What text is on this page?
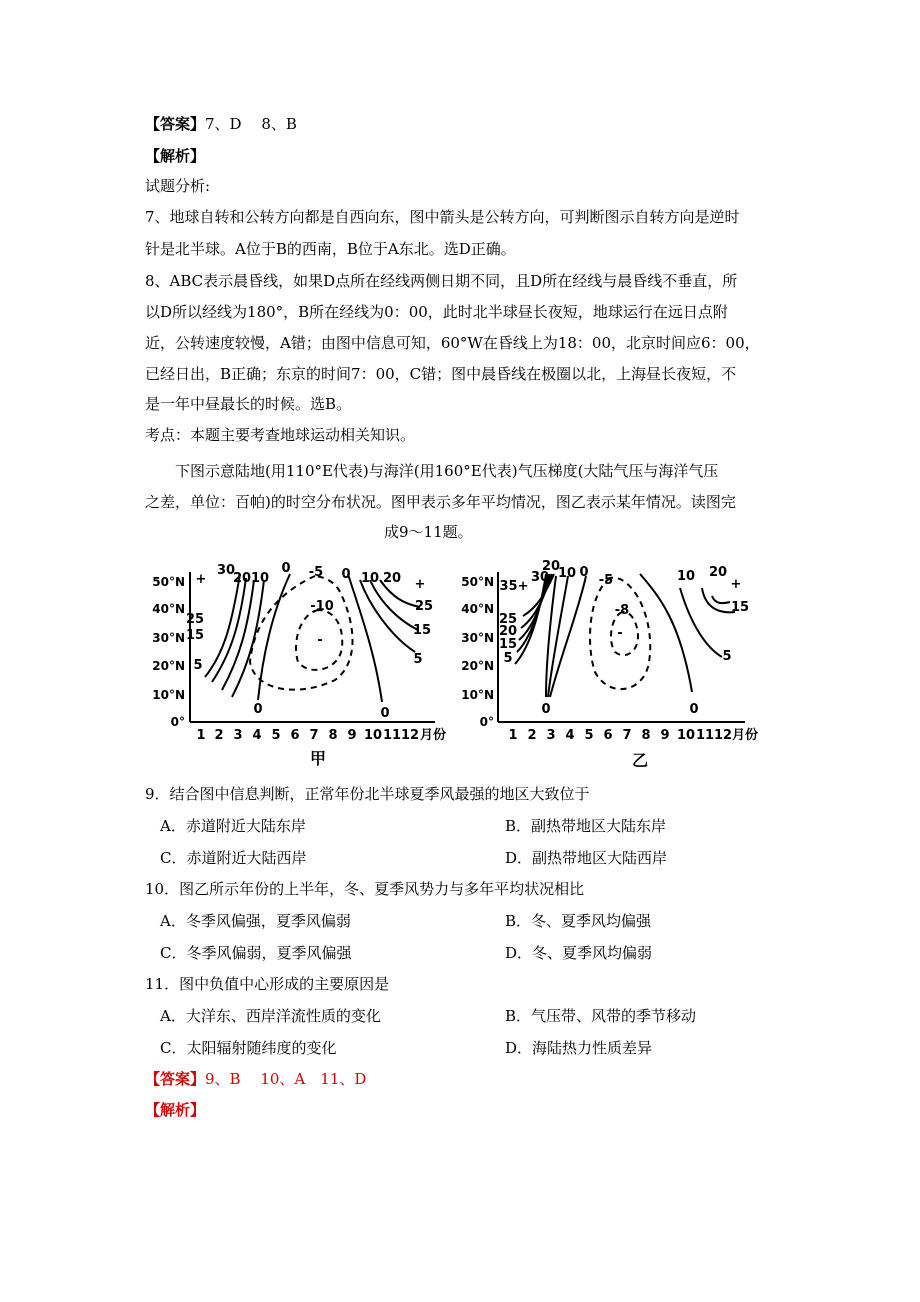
【答案】7、D　 8、B
【解析】
试题分析:
7、地球自转和公转方向都是自西向东，图中箭头是公转方向，可判断图示自转方向是逆时
针是北半球。A位于B的西南，B位于A东北。选D正确。
8、ABC表示晨昏线，如果D点所在经线两侧日期不同，且D所在经线与晨昏线不垂直，所
以D所以经线为180°，B所在经线为0：00，此时北半球昼长夜短，地球运行在远日点附
近，公转速度较慢，A错；由图中信息可知，60°W在昏线上为18：00，北京时间应6：00，
已经日出，B正确；东京的时间7：00，C错；图中晨昏线在极圈以北，上海昼长夜短，不
是一年中昼最长的时候。选B。
考点：本题主要考查地球运动相关知识。
下图示意陆地(用110°E代表)与海洋(用160°E代表)气压梯度(大陆气压与海洋气压
之差，单位：百帕)的时空分布状况。图甲表示多年平均情况，图乙表示某年情况。读图完
成9～11题。
50°N
40°N
30°N
20°N
10°N
0°
1 2 3 4 5 6 7 8 9 10 11 12 月份
甲
30
20 10
0 -5 0 10 20
+	+
25
15
5
-10
-
25
15
5
0	0
50°N
40°N
30°N
20°N
10°N
0°
1 2 3 4 5 6 7 8 9 10 11 12 月份
乙
20
30 10 0
-5	10 20
+
35+
25
20
15
5
-8
-
15
5
0	0
9．结合图中信息判断，正常年份北半球夏季风最强的地区大致位于
A．赤道附近大陆东岸	B．副热带地区大陆东岸
C．赤道附近大陆西岸	D．副热带地区大陆西岸
10．图乙所示年份的上半年，冬、夏季风势力与多年平均状况相比
A．冬季风偏强，夏季风偏弱	B．冬、夏季风均偏强
C．冬季风偏弱，夏季风偏强	D．冬、夏季风均偏弱
11．图中负值中心形成的主要原因是
A．大洋东、西岸洋流性质的变化	B．气压带、风带的季节移动
C．太阳辐射随纬度的变化	D．海陆热力性质差异
【答案】9、B　 10、A　11、D
【解析】
